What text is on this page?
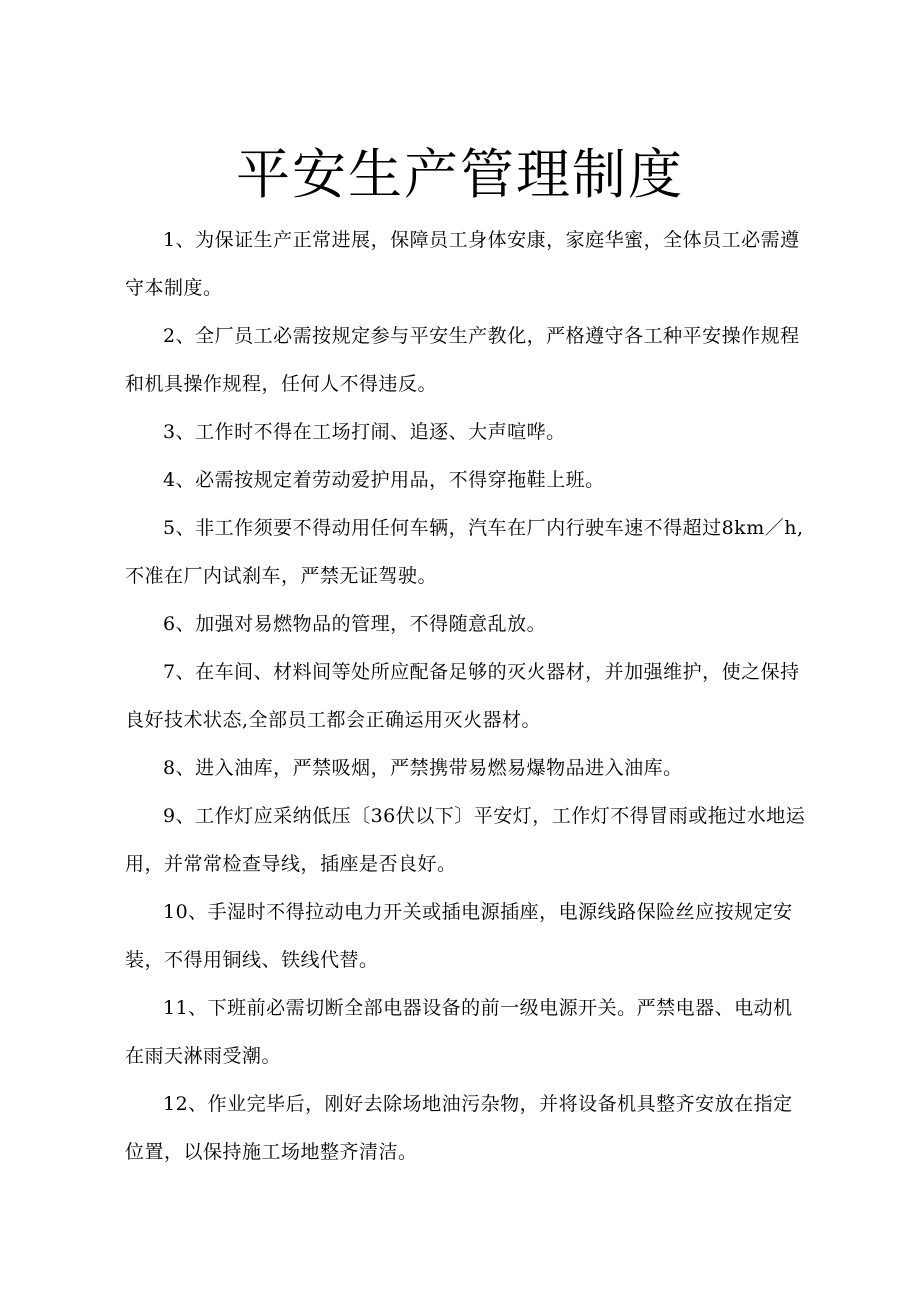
平安生产管理制度
1、为保证生产正常进展，保障员工身体安康，家庭华蜜，全体员工必需遵守本制度。
2、全厂员工必需按规定参与平安生产教化，严格遵守各工种平安操作规程和机具操作规程，任何人不得违反。
3、工作时不得在工场打闹、追逐、大声喧哗。
4、必需按规定着劳动爱护用品，不得穿拖鞋上班。
5、非工作须要不得动用任何车辆，汽车在厂内行驶车速不得超过8km／h,不准在厂内试刹车，严禁无证驾驶。
6、加强对易燃物品的管理，不得随意乱放。
7、在车间、材料间等处所应配备足够的灭火器材，并加强维护，使之保持良好技术状态,全部员工都会正确运用灭火器材。
8、进入油库，严禁吸烟，严禁携带易燃易爆物品进入油库。
9、工作灯应采纳低压〔36伏以下〕平安灯，工作灯不得冒雨或拖过水地运用，并常常检查导线，插座是否良好。
10、手湿时不得拉动电力开关或插电源插座，电源线路保险丝应按规定安装，不得用铜线、铁线代替。
11、下班前必需切断全部电器设备的前一级电源开关。严禁电器、电动机在雨天淋雨受潮。
12、作业完毕后，刚好去除场地油污杂物，并将设备机具整齐安放在指定位置，以保持施工场地整齐清洁。
